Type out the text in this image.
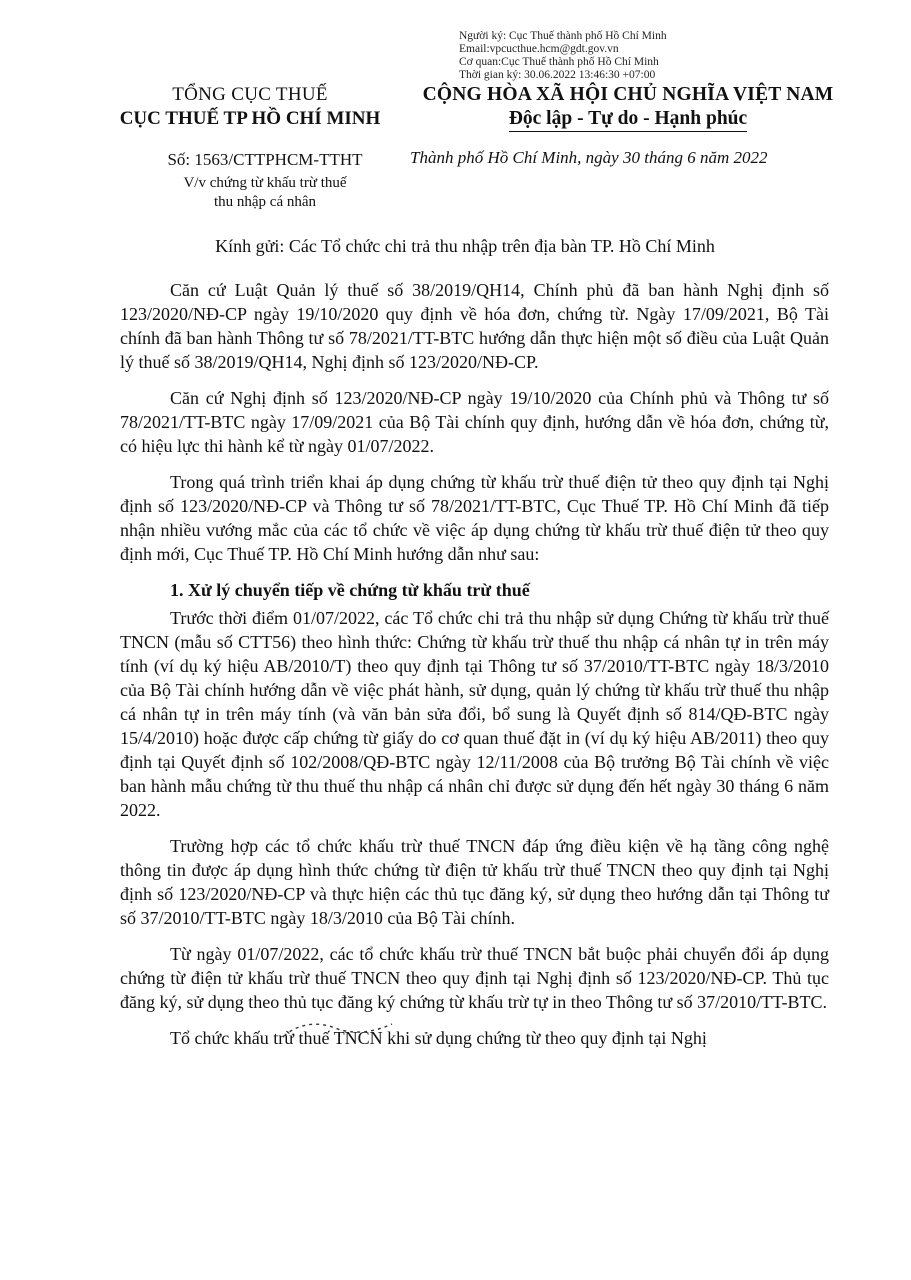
Người ký: Cục Thuế thành phố Hồ Chí Minh
Email:vpcucthue.hcm@gdt.gov.vn
Cơ quan:Cục Thuế thành phố Hồ Chí Minh
Thời gian ký: 30.06.2022 13:46:30 +07:00
TỔNG CỤC THUẾ
CỤC THUẾ TP HỒ CHÍ MINH
CỘNG HÒA XÃ HỘI CHỦ NGHĨA VIỆT NAM
Độc lập - Tự do - Hạnh phúc
Số: 1563/CTTPHCM-TTHT
V/v chứng từ khấu trừ thuế
thu nhập cá nhân
Thành phố Hồ Chí Minh, ngày 30 tháng 6 năm 2022
Kính gửi: Các Tổ chức chi trả thu nhập trên địa bàn TP. Hồ Chí Minh

Căn cứ Luật Quản lý thuế số 38/2019/QH14, Chính phủ đã ban hành Nghị định số 123/2020/NĐ-CP ngày 19/10/2020 quy định về hóa đơn, chứng từ. Ngày 17/09/2021, Bộ Tài chính đã ban hành Thông tư số 78/2021/TT-BTC hướng dẫn thực hiện một số điều của Luật Quản lý thuế số 38/2019/QH14, Nghị định số 123/2020/NĐ-CP.

Căn cứ Nghị định số 123/2020/NĐ-CP ngày 19/10/2020 của Chính phủ và Thông tư số 78/2021/TT-BTC ngày 17/09/2021 của Bộ Tài chính quy định, hướng dẫn về hóa đơn, chứng từ, có hiệu lực thi hành kể từ ngày 01/07/2022.

Trong quá trình triển khai áp dụng chứng từ khấu trừ thuế điện tử theo quy định tại Nghị định số 123/2020/NĐ-CP và Thông tư số 78/2021/TT-BTC, Cục Thuế TP. Hồ Chí Minh đã tiếp nhận nhiều vướng mắc của các tổ chức về việc áp dụng chứng từ khấu trừ thuế điện tử theo quy định mới, Cục Thuế TP. Hồ Chí Minh hướng dẫn như sau:

1. Xử lý chuyển tiếp về chứng từ khấu trừ thuế

Trước thời điểm 01/07/2022, các Tổ chức chi trả thu nhập sử dụng Chứng từ khấu trừ thuế TNCN (mẫu số CTT56) theo hình thức: Chứng từ khấu trừ thuế thu nhập cá nhân tự in trên máy tính (ví dụ ký hiệu AB/2010/T) theo quy định tại Thông tư số 37/2010/TT-BTC ngày 18/3/2010 của Bộ Tài chính hướng dẫn về việc phát hành, sử dụng, quản lý chứng từ khấu trừ thuế thu nhập cá nhân tự in trên máy tính (và văn bản sửa đổi, bổ sung là Quyết định số 814/QĐ-BTC ngày 15/4/2010) hoặc được cấp chứng từ giấy do cơ quan thuế đặt in (ví dụ ký hiệu AB/2011) theo quy định tại Quyết định số 102/2008/QĐ-BTC ngày 12/11/2008 của Bộ trưởng Bộ Tài chính về việc ban hành mẫu chứng từ thu thuế thu nhập cá nhân chỉ được sử dụng đến hết ngày 30 tháng 6 năm 2022.

Trường hợp các tổ chức khấu trừ thuế TNCN đáp ứng điều kiện về hạ tầng công nghệ thông tin được áp dụng hình thức chứng từ điện tử khấu trừ thuế TNCN theo quy định tại Nghị định số 123/2020/NĐ-CP và thực hiện các thủ tục đăng ký, sử dụng theo hướng dẫn tại Thông tư số 37/2010/TT-BTC ngày 18/3/2010 của Bộ Tài chính.

Từ ngày 01/07/2022, các tổ chức khấu trừ thuế TNCN bắt buộc phải chuyển đổi áp dụng chứng từ điện tử khấu trừ thuế TNCN theo quy định tại Nghị định số 123/2020/NĐ-CP. Thủ tục đăng ký, sử dụng theo thủ tục đăng ký chứng từ khấu trừ tự in theo Thông tư số 37/2010/TT-BTC.

Tổ chức khấu trừ thuế TNCN khi sử dụng chứng từ theo quy định tại Nghị
